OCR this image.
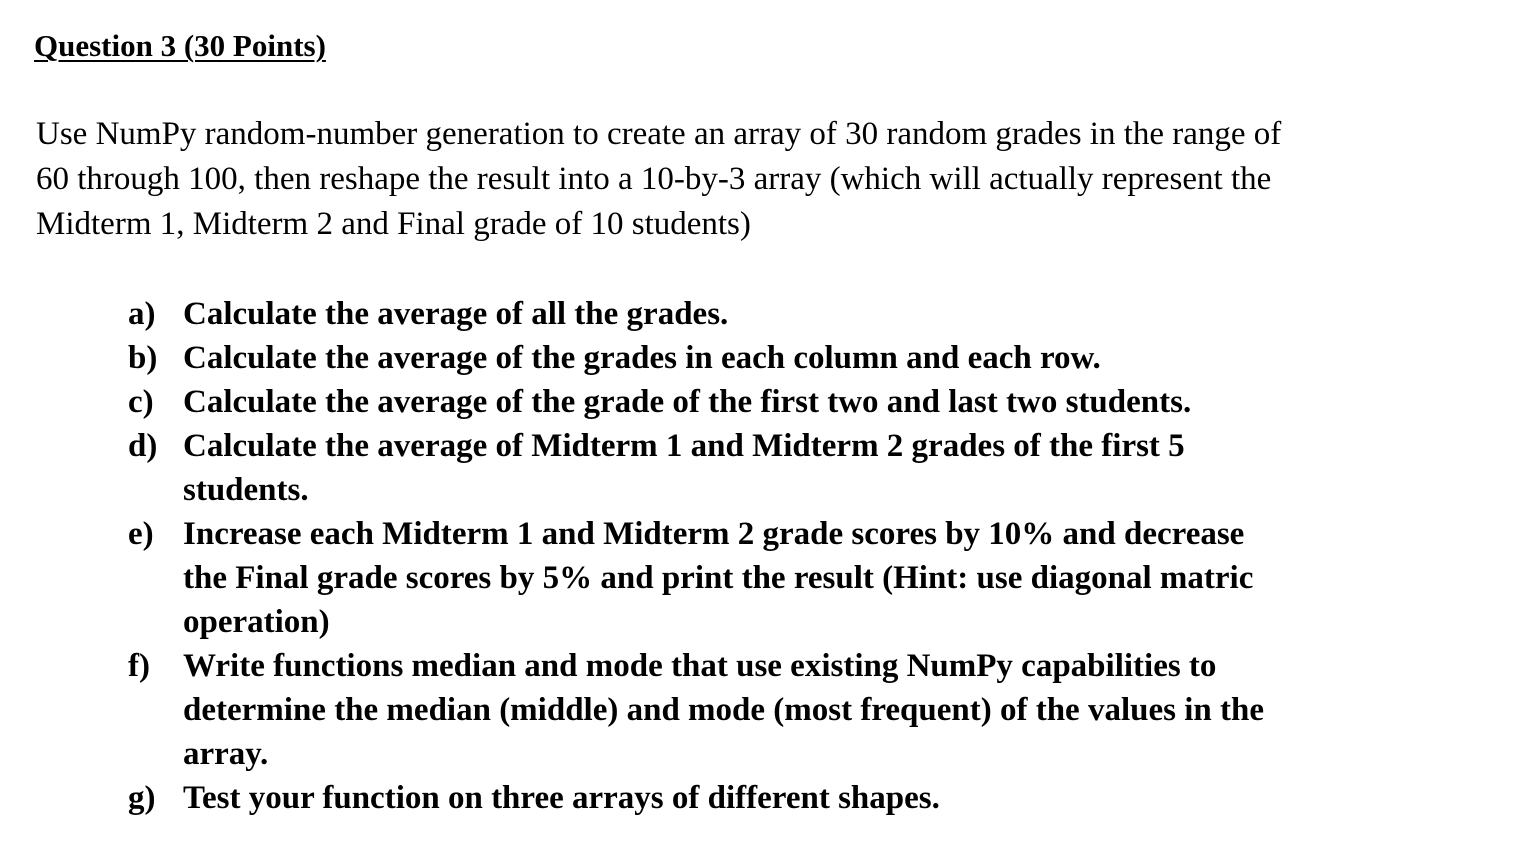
Question 3 (30 Points)
Use NumPy random-number generation to create an array of 30 random grades in the range of
60 through 100, then reshape the result into a 10-by-3 array (which will actually represent the
Midterm 1, Midterm 2 and Final grade of 10 students)
a) Calculate the average of all the grades.
b) Calculate the average of the grades in each column and each row.
c) Calculate the average of the grade of the first two and last two students.
d) Calculate the average of Midterm 1 and Midterm 2 grades of the first 5
students.
e) Increase each Midterm 1 and Midterm 2 grade scores by 10% and decrease
the Final grade scores by 5% and print the result (Hint: use diagonal matric
operation)
f) Write functions median and mode that use existing NumPy capabilities to
determine the median (middle) and mode (most frequent) of the values in the
array.
g) Test your function on three arrays of different shapes.
